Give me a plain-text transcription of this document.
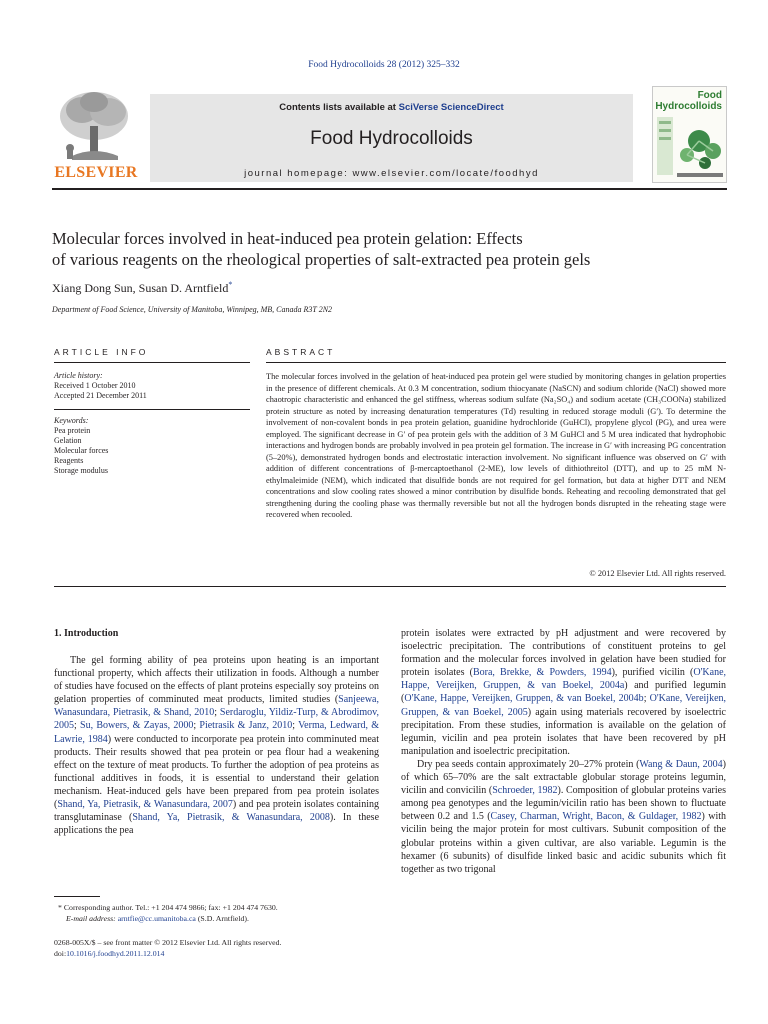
Food Hydrocolloids 28 (2012) 325–332
ELSEVIER
Contents lists available at SciVerse ScienceDirect
Food Hydrocolloids
journal homepage: www.elsevier.com/locate/foodhyd
Food
Hydrocolloids
Molecular forces involved in heat-induced pea protein gelation: Effects
of various reagents on the rheological properties of salt-extracted pea protein gels
Xiang Dong Sun, Susan D. Arntfield*
Department of Food Science, University of Manitoba, Winnipeg, MB, Canada R3T 2N2
ARTICLE INFO	ABSTRACT
Article history:
Received 1 October 2010
Accepted 21 December 2011
Keywords:
Pea protein
Gelation
Molecular forces
Reagents
Storage modulus
The molecular forces involved in the gelation of heat-induced pea protein gel were studied by monitoring changes in gelation properties in the presence of different chemicals. At 0.3 M concentration, sodium thiocyanate (NaSCN) and sodium chloride (NaCl) showed more chaotropic characteristic and enhanced the gel stiffness, whereas sodium sulfate (Na₂SO₄) and sodium acetate (CH₃COONa) stabilized protein structure as noted by increasing denaturation temperatures (Td) resulting in reduced storage moduli (G′). To determine the involvement of non-covalent bonds in pea protein gelation, guanidine hydrochloride (GuHCl), propylene glycol (PG), and urea were employed. The significant decrease in G′ of pea protein gels with the addition of 3 M GuHCl and 5 M urea indicated that hydrophobic interactions and hydrogen bonds are probably involved in pea protein gel formation. The increase in G′ with increasing PG concentration (5–20%), demonstrated hydrogen bonds and electrostatic interaction involvement. No significant influence was observed on G′ with addition of different concentrations of β-mercaptoethanol (2-ME), low levels of dithiothreitol (DTT), and up to 25 mM N-ethylmaleimide (NEM), which indicated that disulfide bonds are not required for gel formation, but data at higher DTT and NEM concentrations and slow cooling rates showed a minor contribution by disulfide bonds. Reheating and recooling demonstrated that gel strengthening during the cooling phase was thermally reversible but not all the hydrogen bonds disrupted in the reheating stage were recovered when recooled.
© 2012 Elsevier Ltd. All rights reserved.
1. Introduction
The gel forming ability of pea proteins upon heating is an important functional property, which affects their utilization in foods. Although a number of studies have focused on the effects of plant proteins especially soy proteins on gelation properties of comminuted meat products, limited studies (Sanjeewa, Wanasundara, Pietrasik, & Shand, 2010; Serdaroglu, Yildiz-Turp, & Abrodimov, 2005; Su, Bowers, & Zayas, 2000; Pietrasik & Janz, 2010; Verma, Ledward, & Lawrie, 1984) were conducted to incorporate pea protein into comminuted meat products. Their results showed that pea protein or pea flour had a weakening effect on the texture of meat products. To further the adoption of pea proteins as functional additives in foods, it is essential to understand their gelation mechanism. Heat-induced gels have been prepared from pea protein isolates (Shand, Ya, Pietrasik, & Wanasundara, 2007) and pea protein isolates containing transglutaminase (Shand, Ya, Pietrasik, & Wanasundara, 2008). In these applications the pea

protein isolates were extracted by pH adjustment and were recovered by isoelectric precipitation. The contributions of constituent proteins to gel formation and the molecular forces involved in gelation have been studied for protein isolates (Bora, Brekke, & Powders, 1994), purified vicilin (O'Kane, Happe, Vereijken, Gruppen, & van Boekel, 2004a) and purified legumin (O'Kane, Happe, Vereijken, Gruppen, & van Boekel, 2004b; O'Kane, Vereijken, Gruppen, & van Boekel, 2005) again using materials recovered by isoelectric precipitation. From these studies, information is available on the gelation of legumin, vicilin and pea protein isolates that have been recovered by pH manipulation and isoelectric precipitation.

Dry pea seeds contain approximately 20–27% protein (Wang & Daun, 2004) of which 65–70% are the salt extractable globular storage proteins legumin, vicilin and convicilin (Schroeder, 1982). Composition of globular proteins varies among pea genotypes and the legumin/vicilin ratio has been shown to fluctuate between 0.2 and 1.5 (Casey, Charman, Wright, Bacon, & Guldager, 1982) with vicilin being the major protein for most cultivars. Subunit composition of the globular proteins within a given cultivar, are also variable. Legumin is the hexamer (6 subunits) of disulfide linked basic and acidic subunits which fit together as two trigonal

* Corresponding author. Tel.: +1 204 474 9866; fax: +1 204 474 7630.
E-mail address: arntfie@cc.umanitoba.ca (S.D. Arntfield).
0268-005X/$ – see front matter © 2012 Elsevier Ltd. All rights reserved.
doi:10.1016/j.foodhyd.2011.12.014
